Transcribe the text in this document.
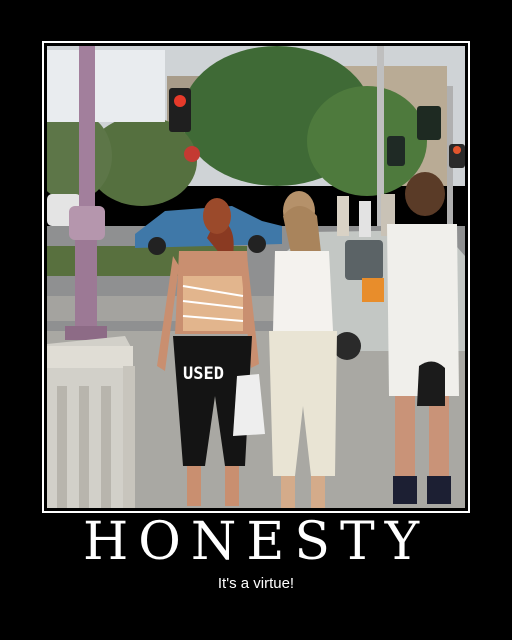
USED
HONESTY
It's a virtue!
